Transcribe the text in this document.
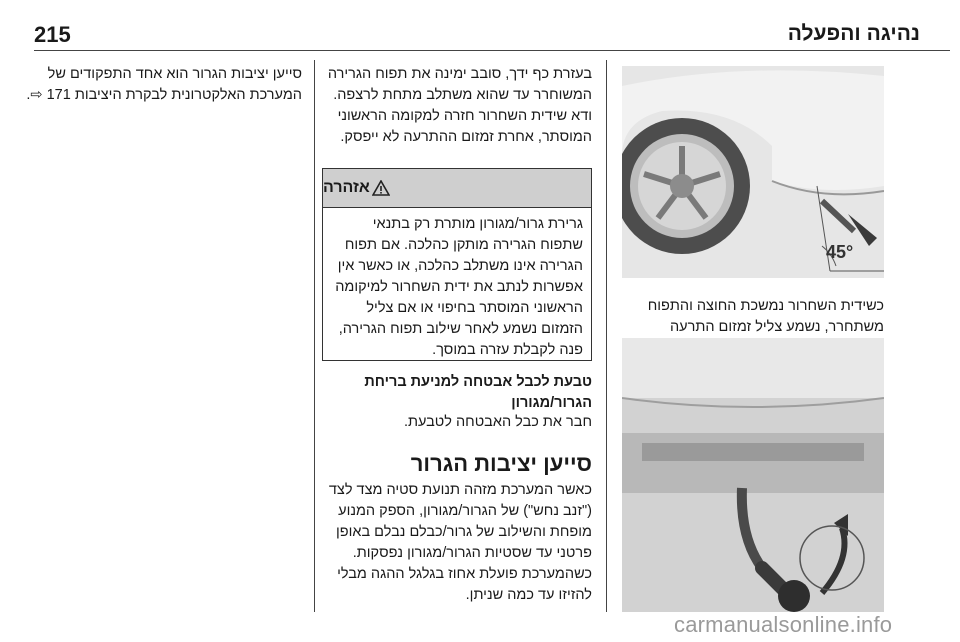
215	נהיגה והפעלה
45°
כשידית השחרור נמשכת החוצה והתפוח משתחרר, נשמע צליל זמזום התרעה
בעזרת כף ידך, סובב ימינה את תפוח הגרירה המשוחרר עד שהוא משתלב מתחת לרצפה. ודא שידית השחרור חזרה למקומה הראשוני המוסתר, אחרת זמזום ההתרעה לא ייפסק.
אזהרה
גרירת גרור/מגורון מותרת רק בתנאי שתפוח הגרירה מותקן כהלכה. אם תפוח הגרירה אינו משתלב כהלכה, או כאשר אין אפשרות לנתב את ידית השחרור למיקומה הראשוני המוסתר בחיפוי או אם צליל הזמזום נשמע לאחר שילוב תפוח הגרירה, פנה לקבלת עזרה במוסך.
טבעת לכבל אבטחה למניעת בריחת הגרור/מגורון
חבר את כבל האבטחה לטבעת.
סייען יציבות הגרור
כאשר המערכת מזהה תנועת סטיה מצד לצד ("זנב נחש") של הגרור/מגורון, הספק המנוע מופחת והשילוב של גרור/כבלם נבלם באופן פרטני עד שסטיות הגרור/מגורון נפסקות. כשהמערכת פועלת אחוז בגלגל ההגה מבלי להזיזו עד כמה שניתן.
סייען יציבות הגרור הוא אחד התפקודים של המערכת האלקטרונית לבקרת היציבות 171 ⇨.
carmanualsonline.info
